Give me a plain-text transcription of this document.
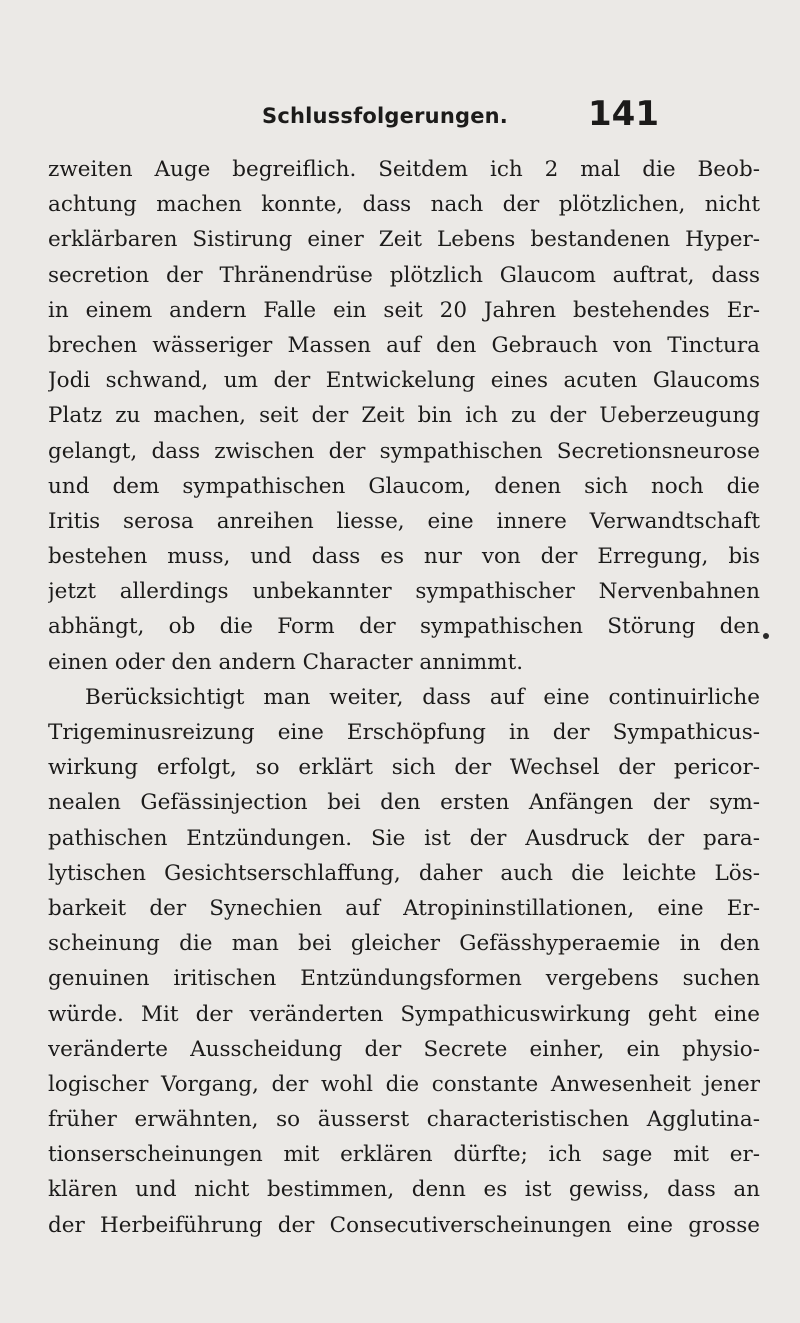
Schlussfolgerungen. 141
zweiten Auge begreiflich. Seitdem ich 2 mal die Beob-
achtung machen konnte, dass nach der plötzlichen, nicht
erklärbaren Sistirung einer Zeit Lebens bestandenen Hyper-
secretion der Thränendrüse plötzlich Glaucom auftrat, dass
in einem andern Falle ein seit 20 Jahren bestehendes Er-
brechen wässeriger Massen auf den Gebrauch von Tinctura
Jodi schwand, um der Entwickelung eines acuten Glaucoms
Platz zu machen, seit der Zeit bin ich zu der Ueberzeugung
gelangt, dass zwischen der sympathischen Secretionsneurose
und dem sympathischen Glaucom, denen sich noch die
Iritis serosa anreihen liesse, eine innere Verwandtschaft
bestehen muss, und dass es nur von der Erregung, bis
jetzt allerdings unbekannter sympathischer Nervenbahnen
abhängt, ob die Form der sympathischen Störung den
einen oder den andern Character annimmt.
Berücksichtigt man weiter, dass auf eine continuirliche
Trigeminusreizung eine Erschöpfung in der Sympathicus-
wirkung erfolgt, so erklärt sich der Wechsel der pericor-
nealen Gefässinjection bei den ersten Anfängen der sym-
pathischen Entzündungen. Sie ist der Ausdruck der para-
lytischen Gesichtserschlaffung, daher auch die leichte Lös-
barkeit der Synechien auf Atropininstillationen, eine Er-
scheinung die man bei gleicher Gefässhyperaemie in den
genuinen iritischen Entzündungsformen vergebens suchen
würde. Mit der veränderten Sympathicuswirkung geht eine
veränderte Ausscheidung der Secrete einher, ein physio-
logischer Vorgang, der wohl die constante Anwesenheit jener
früher erwähnten, so äusserst characteristischen Agglutina-
tionserscheinungen mit erklären dürfte; ich sage mit er-
klären und nicht bestimmen, denn es ist gewiss, dass an
der Herbeiführung der Consecutiverscheinungen eine grosse
